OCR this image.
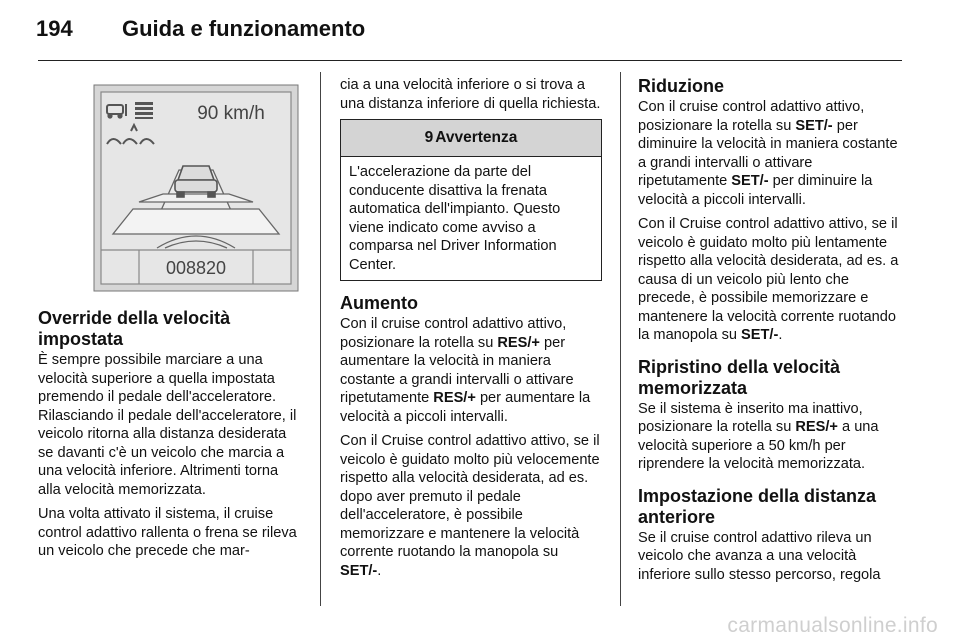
194 Guida e funzionamento
90 km/h
008820
Override della velocità impostata

È sempre possibile marciare a una velocità superiore a quella impostata premendo il pedale dell'acceleratore. Rilasciando il pedale dell'acceleratore, il veicolo ritorna alla distanza desiderata se davanti c'è un veicolo che marcia a una velocità inferiore. Altrimenti torna alla velocità memorizzata.

Una volta attivato il sistema, il cruise control adattivo rallenta o frena se rileva un veicolo che precede che mar-

cia a una velocità inferiore o si trova a una distanza inferiore di quella richiesta.

9 Avvertenza
L'accelerazione da parte del conducente disattiva la frenata automatica dell'impianto. Questo viene indicato come avviso a comparsa nel Driver Information Center.
Aumento

Con il cruise control adattivo attivo, posizionare la rotella su RES/+ per aumentare la velocità in maniera costante a grandi intervalli o attivare ripetutamente RES/+ per aumentare la velocità a piccoli intervalli.

Con il Cruise control adattivo attivo, se il veicolo è guidato molto più velocemente rispetto alla velocità desiderata, ad es. dopo aver premuto il pedale dell'acceleratore, è possibile memorizzare e mantenere la velocità corrente ruotando la manopola su SET/-.

Riduzione

Con il cruise control adattivo attivo, posizionare la rotella su SET/- per diminuire la velocità in maniera costante a grandi intervalli o attivare ripetutamente SET/- per diminuire la velocità a piccoli intervalli.

Con il Cruise control adattivo attivo, se il veicolo è guidato molto più lentamente rispetto alla velocità desiderata, ad es. a causa di un veicolo più lento che precede, è possibile memorizzare e mantenere la velocità corrente ruotando la manopola su SET/-.

Ripristino della velocità memorizzata

Se il sistema è inserito ma inattivo, posizionare la rotella su RES/+ a una velocità superiore a 50 km/h per riprendere la velocità memorizzata.

Impostazione della distanza anteriore

Se il cruise control adattivo rileva un veicolo che avanza a una velocità inferiore sullo stesso percorso, regola

carmanualsonline.info
